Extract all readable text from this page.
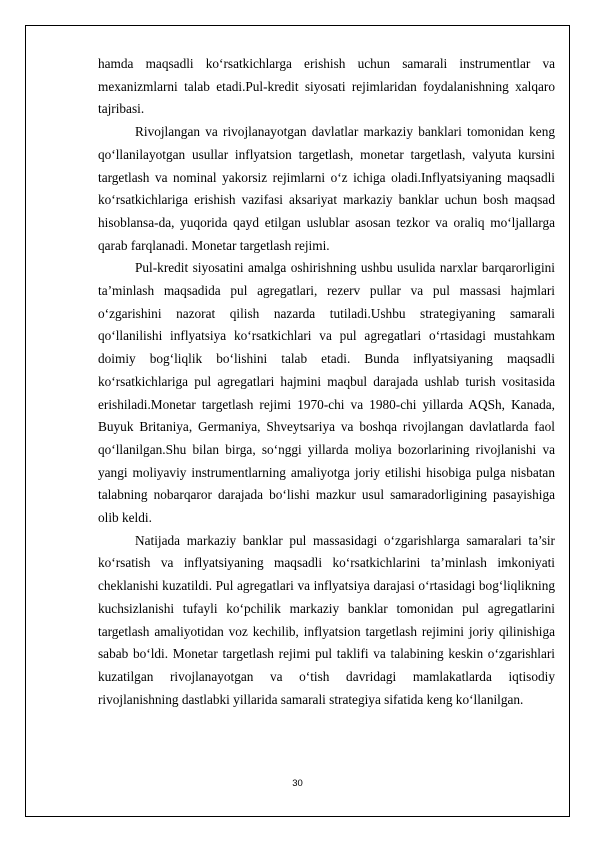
hamda maqsadli ko‘rsatkichlarga erishish uchun samarali instrumentlar va mexanizmlarni talab etadi.Pul-kredit siyosati rejimlaridan foydalanishning xalqaro tajribasi.

Rivojlangan va rivojlanayotgan davlatlar markaziy banklari tomonidan keng qo‘llanilayotgan usullar inflyatsion targetlash, monetar targetlash, valyuta kursini targetlash va nominal yakorsiz rejimlarni o‘z ichiga oladi.Inflyatsiyaning maqsadli ko‘rsatkichlariga erishish vazifasi aksariyat markaziy banklar uchun bosh maqsad hisoblansa-da, yuqorida qayd etilgan uslublar asosan tezkor va oraliq mo‘ljallarga qarab farqlanadi. Monetar targetlash rejimi.

Pul-kredit siyosatini amalga oshirishning ushbu usulida narxlar barqarorligini ta’minlash maqsadida pul agregatlari, rezerv pullar va pul massasi hajmlari o‘zgarishini nazorat qilish nazarda tutiladi.Ushbu strategiyaning samarali qo‘llanilishi inflyatsiya ko‘rsatkichlari va pul agregatlari o‘rtasidagi mustahkam doimiy bog‘liqlik bo‘lishini talab etadi. Bunda inflyatsiyaning maqsadli ko‘rsatkichlariga pul agregatlari hajmini maqbul darajada ushlab turish vositasida erishiladi.Monetar targetlash rejimi 1970-chi va 1980-chi yillarda AQSh, Kanada, Buyuk Britaniya, Germaniya, Shveytsariya va boshqa rivojlangan davlatlarda faol qo‘llanilgan.Shu bilan birga, so‘nggi yillarda moliya bozorlarining rivojlanishi va yangi moliyaviy instrumentlarning amaliyotga joriy etilishi hisobiga pulga nisbatan talabning nobarqaror darajada bo‘lishi mazkur usul samaradorligining pasayishiga olib keldi.

Natijada markaziy banklar pul massasidagi o‘zgarishlarga samaralari ta’sir ko‘rsatish va inflyatsiyaning maqsadli ko‘rsatkichlarini ta’minlash imkoniyati cheklanishi kuzatildi. Pul agregatlari va inflyatsiya darajasi o‘rtasidagi bog‘liqlikning kuchsizlanishi tufayli ko‘pchilik markaziy banklar tomonidan pul agregatlarini targetlash amaliyotidan voz kechilib, inflyatsion targetlash rejimini joriy qilinishiga sabab bo‘ldi. Monetar targetlash rejimi pul taklifi va talabining keskin o‘zgarishlari kuzatilgan rivojlanayotgan va o‘tish davridagi mamlakatlarda iqtisodiy rivojlanishning dastlabki yillarida samarali strategiya sifatida keng ko‘llanilgan.

30
